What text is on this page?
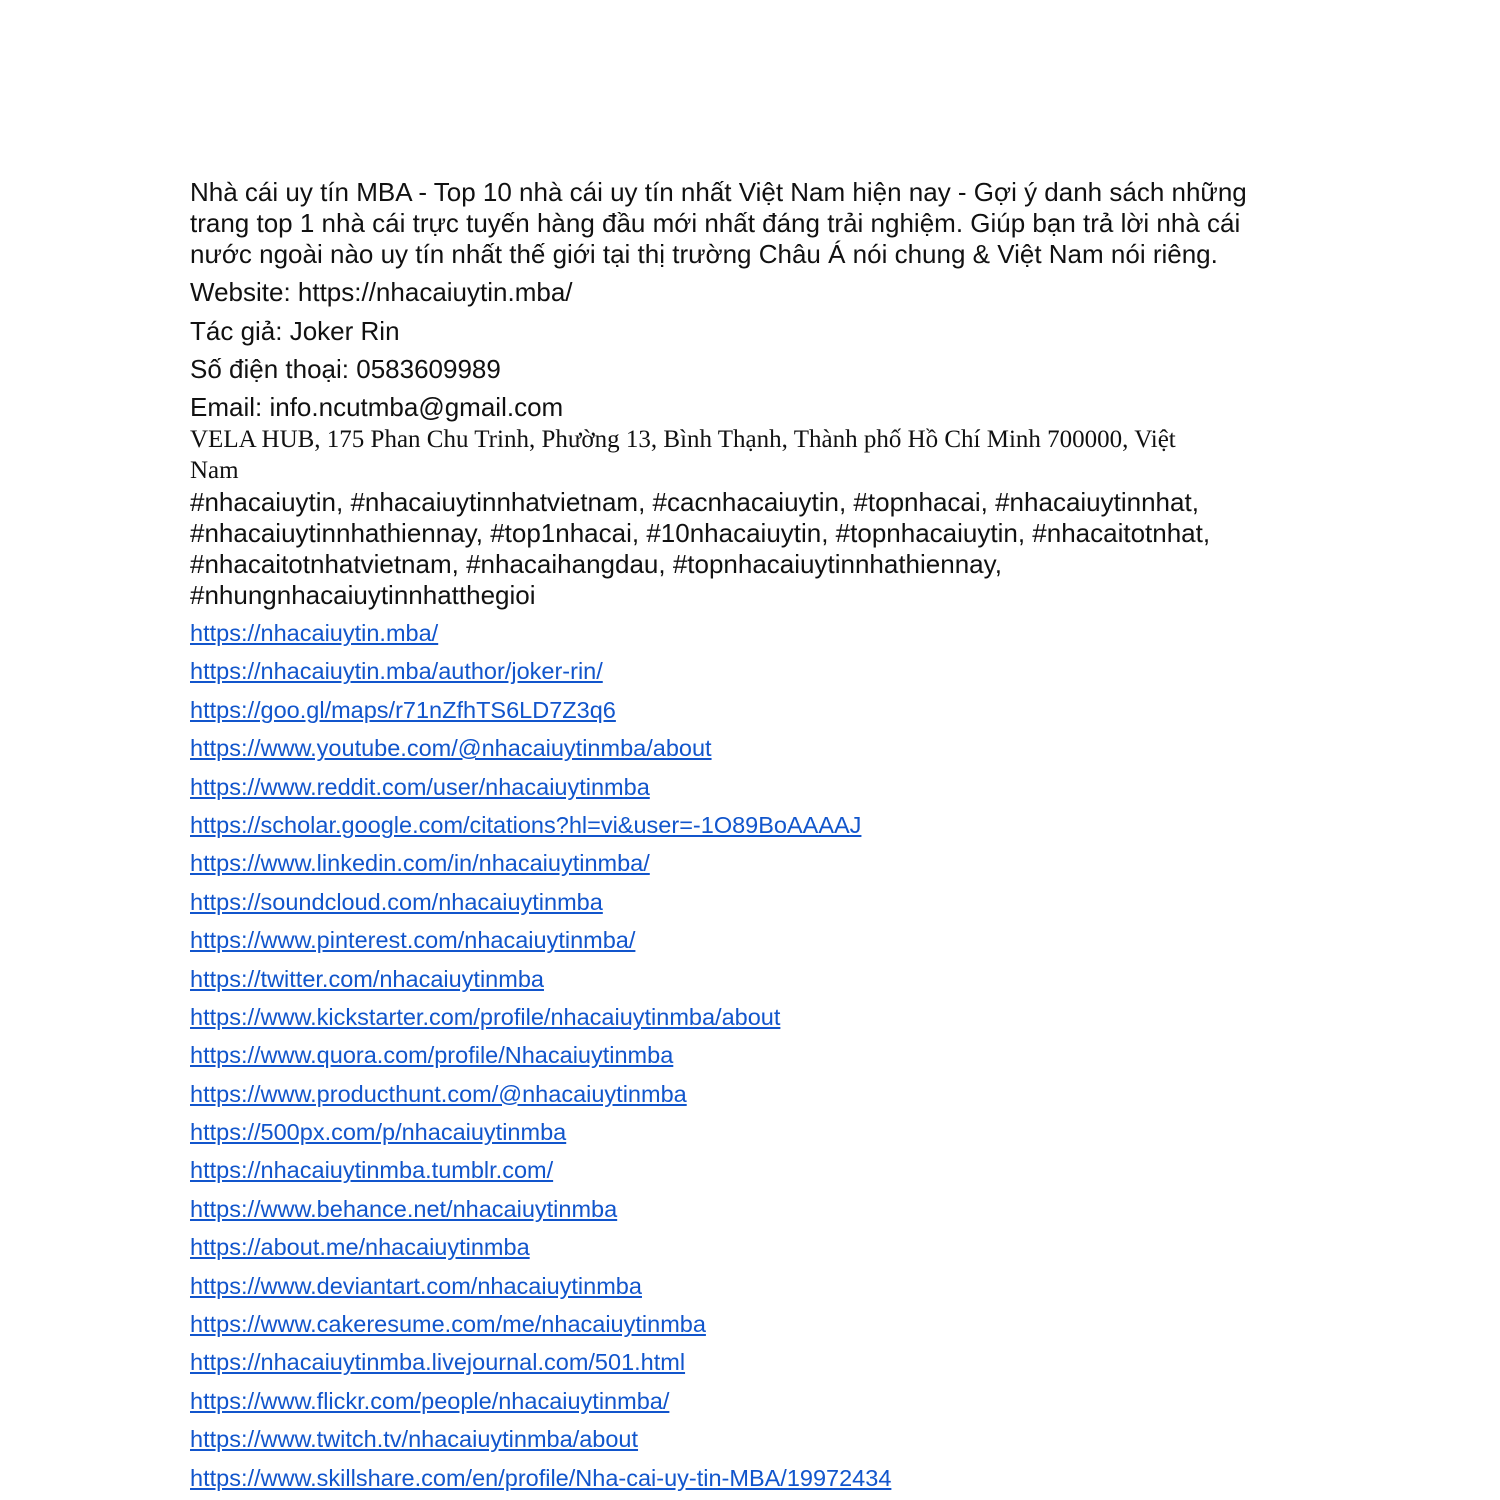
Nhà cái uy tín MBA - Top 10 nhà cái uy tín nhất Việt Nam hiện nay - Gợi ý danh sách những
trang top 1 nhà cái trực tuyến hàng đầu mới nhất đáng trải nghiệm. Giúp bạn trả lời nhà cái
nước ngoài nào uy tín nhất thế giới tại thị trường Châu Á nói chung & Việt Nam nói riêng.
Website: https://nhacaiuytin.mba/
Tác giả: Joker Rin
Số điện thoại: 0583609989
Email: info.ncutmba@gmail.com
VELA HUB, 175 Phan Chu Trinh, Phường 13, Bình Thạnh, Thành phố Hồ Chí Minh 700000, Việt
Nam
#nhacaiuytin, #nhacaiuytinnhatvietnam, #cacnhacaiuytin, #topnhacai, #nhacaiuytinnhat,
#nhacaiuytinnhathiennay, #top1nhacai, #10nhacaiuytin, #topnhacaiuytin, #nhacaitotnhat,
#nhacaitotnhatvietnam, #nhacaihangdau, #topnhacaiuytinnhathiennay,
#nhungnhacaiuytinnhatthegioi
https://nhacaiuytin.mba/
https://nhacaiuytin.mba/author/joker-rin/
https://goo.gl/maps/r71nZfhTS6LD7Z3q6
https://www.youtube.com/@nhacaiuytinmba/about
https://www.reddit.com/user/nhacaiuytinmba
https://scholar.google.com/citations?hl=vi&user=-1O89BoAAAAJ
https://www.linkedin.com/in/nhacaiuytinmba/
https://soundcloud.com/nhacaiuytinmba
https://www.pinterest.com/nhacaiuytinmba/
https://twitter.com/nhacaiuytinmba
https://www.kickstarter.com/profile/nhacaiuytinmba/about
https://www.quora.com/profile/Nhacaiuytinmba
https://www.producthunt.com/@nhacaiuytinmba
https://500px.com/p/nhacaiuytinmba
https://nhacaiuytinmba.tumblr.com/
https://www.behance.net/nhacaiuytinmba
https://about.me/nhacaiuytinmba
https://www.deviantart.com/nhacaiuytinmba
https://www.cakeresume.com/me/nhacaiuytinmba
https://nhacaiuytinmba.livejournal.com/501.html
https://www.flickr.com/people/nhacaiuytinmba/
https://www.twitch.tv/nhacaiuytinmba/about
https://www.skillshare.com/en/profile/Nha-cai-uy-tin-MBA/19972434
